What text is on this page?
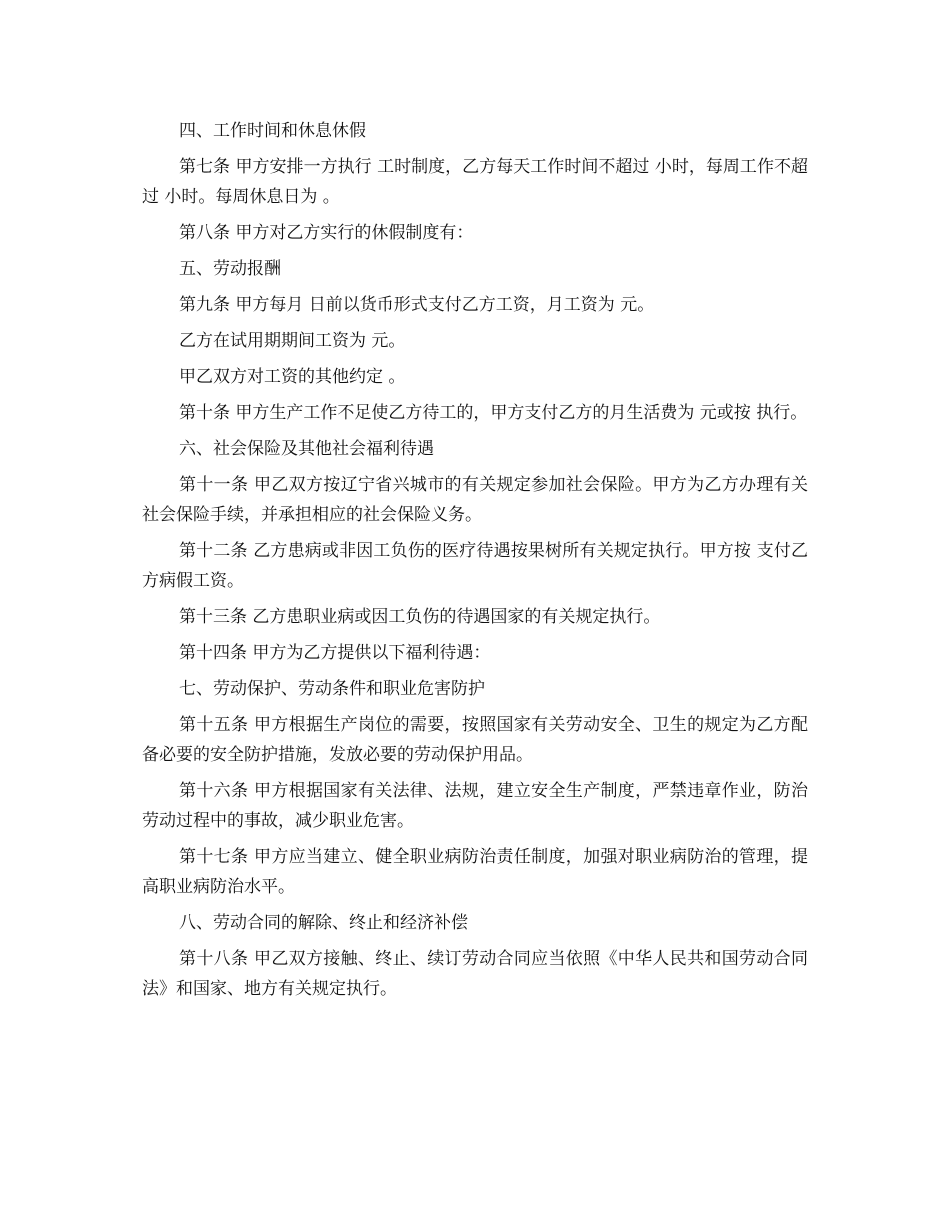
四、工作时间和休息休假

第七条 甲方安排一方执行 工时制度，乙方每天工作时间不超过 小时，每周工作不超过 小时。每周休息日为 。

第八条 甲方对乙方实行的休假制度有：

五、劳动报酬

第九条 甲方每月 日前以货币形式支付乙方工资，月工资为 元。

乙方在试用期期间工资为 元。

甲乙双方对工资的其他约定 。

第十条 甲方生产工作不足使乙方待工的，甲方支付乙方的月生活费为 元或按 执行。

六、社会保险及其他社会福利待遇

第十一条 甲乙双方按辽宁省兴城市的有关规定参加社会保险。甲方为乙方办理有关社会保险手续，并承担相应的社会保险义务。

第十二条 乙方患病或非因工负伤的医疗待遇按果树所有关规定执行。甲方按 支付乙方病假工资。

第十三条 乙方患职业病或因工负伤的待遇国家的有关规定执行。

第十四条 甲方为乙方提供以下福利待遇：

七、劳动保护、劳动条件和职业危害防护

第十五条 甲方根据生产岗位的需要，按照国家有关劳动安全、卫生的规定为乙方配备必要的安全防护措施，发放必要的劳动保护用品。

第十六条 甲方根据国家有关法律、法规，建立安全生产制度，严禁违章作业，防治劳动过程中的事故，减少职业危害。

第十七条 甲方应当建立、健全职业病防治责任制度，加强对职业病防治的管理，提高职业病防治水平。

八、劳动合同的解除、终止和经济补偿

第十八条 甲乙双方接触、终止、续订劳动合同应当依照《中华人民共和国劳动合同法》和国家、地方有关规定执行。
